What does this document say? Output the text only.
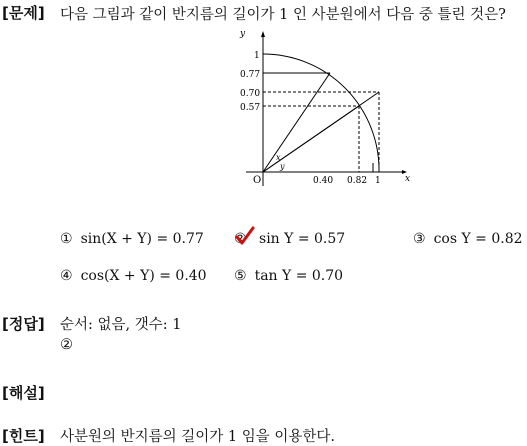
[문제] 다음 그림과 같이 반지름의 길이가 1 인 사분원에서 다음 중 틀린 것은?
y
1
0.77
0.70
0.57
O	0.40 0.82 1	x
x
y
① sin(X + Y) = 0.77 ② sin Y = 0.57	③ cos Y = 0.82
④ cos(X + Y) = 0.40 ⑤ tan Y = 0.70
[정답] 순서: 없음, 갯수: 1
②
[해설]
[힌트] 사분원의 반지름의 길이가 1 임을 이용한다.
